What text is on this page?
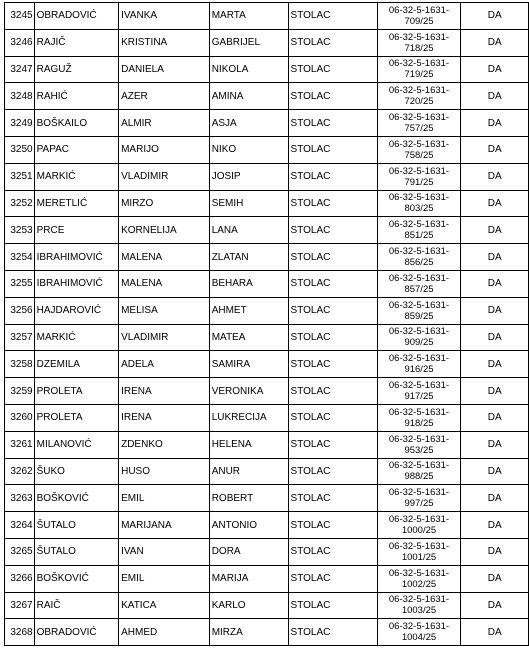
3245	OBRADOVIĆ	IVANKA	MARTA	STOLAC	06-32-5-1631-
709/25	DA
3246	RAJIČ	KRISTINA	GABRIJEL	STOLAC	06-32-5-1631-
718/25	DA
3247	RAGUŽ	DANIELA	NIKOLA	STOLAC	06-32-5-1631-
719/25	DA
3248	RAHIĆ	AZER	AMINA	STOLAC	06-32-5-1631-
720/25	DA
3249	BOŠKAILO	ALMIR	ASJA	STOLAC	06-32-5-1631-
757/25	DA
3250	PAPAC	MARIJO	NIKO	STOLAC	06-32-5-1631-
758/25	DA
3251	MARKIĆ	VLADIMIR	JOSIP	STOLAC	06-32-5-1631-
791/25	DA
3252	MERETLIĆ	MIRZO	SEMIH	STOLAC	06-32-5-1631-
803/25	DA
3253	PRCE	KORNELIJA	LANA	STOLAC	06-32-5-1631-
851/25	DA
3254	IBRAHIMOVIĆ	MALENA	ZLATAN	STOLAC	06-32-5-1631-
856/25	DA
3255	IBRAHIMOVIĆ	MALENA	BEHARA	STOLAC	06-32-5-1631-
857/25	DA
3256	HAJDAROVIĆ	MELISA	AHMET	STOLAC	06-32-5-1631-
859/25	DA
3257	MARKIĆ	VLADIMIR	MATEA	STOLAC	06-32-5-1631-
909/25	DA
3258	DZEMILA	ADELA	SAMIRA	STOLAC	06-32-5-1631-
916/25	DA
3259	PROLETA	IRENA	VERONIKA	STOLAC	06-32-5-1631-
917/25	DA
3260	PROLETA	IRENA	LUKRECIJA	STOLAC	06-32-5-1631-
918/25	DA
3261	MILANOVIĆ	ZDENKO	HELENA	STOLAC	06-32-5-1631-
953/25	DA
3262	ŠUKO	HUSO	ANUR	STOLAC	06-32-5-1631-
988/25	DA
3263	BOŠKOVIĆ	EMIL	ROBERT	STOLAC	06-32-5-1631-
997/25	DA
3264	ŠUTALO	MARIJANA	ANTONIO	STOLAC	06-32-5-1631-
1000/25	DA
3265	ŠUTALO	IVAN	DORA	STOLAC	06-32-5-1631-
1001/25	DA
3266	BOŠKOVIĆ	EMIL	MARIJA	STOLAC	06-32-5-1631-
1002/25	DA
3267	RAIČ	KATICA	KARLO	STOLAC	06-32-5-1631-
1003/25	DA
3268	OBRADOVIĆ	AHMED	MIRZA	STOLAC	06-32-5-1631-
1004/25	DA
